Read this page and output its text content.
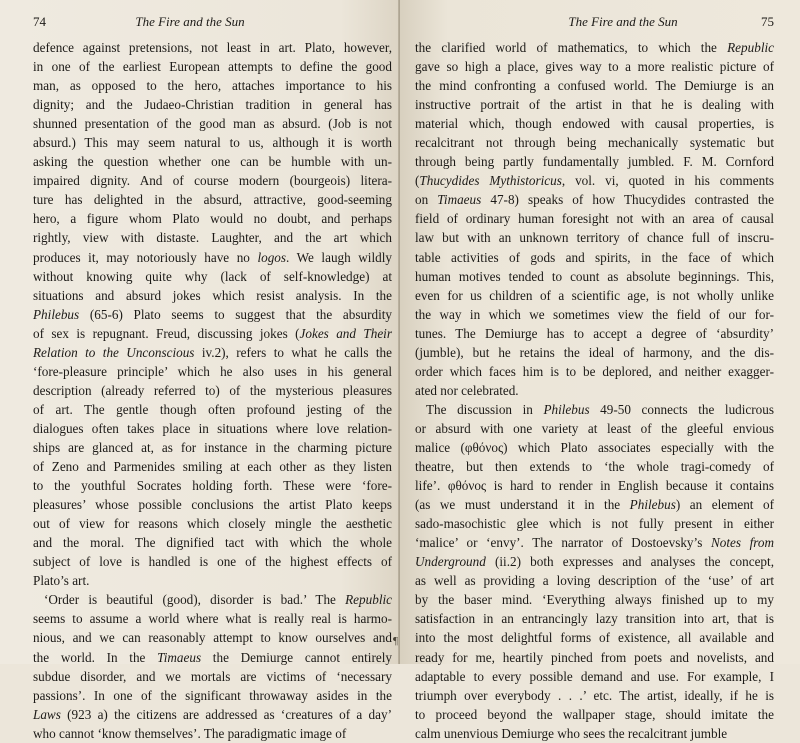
74	The Fire and the Sun
defence against pretensions, not least in art. Plato, however,
in one of the earliest European attempts to define the good
man, as opposed to the hero, attaches importance to his
dignity; and the Judaeo-Christian tradition in general has
shunned presentation of the good man as absurd. (Job is not
absurd.) This may seem natural to us, although it is worth
asking the question whether one can be humble with un-
impaired dignity. And of course modern (bourgeois) litera-
ture has delighted in the absurd, attractive, good-seeming
hero, a figure whom Plato would no doubt, and perhaps
rightly, view with distaste. Laughter, and the art which
produces it, may notoriously have no logos. We laugh wildly
without knowing quite why (lack of self-knowledge) at
situations and absurd jokes which resist analysis. In the
Philebus (65-6) Plato seems to suggest that the absurdity
of sex is repugnant. Freud, discussing jokes (Jokes and Their
Relation to the Unconscious iv.2), refers to what he calls the
‘fore-pleasure principle’ which he also uses in his general
description (already referred to) of the mysterious pleasures
of art. The gentle though often profound jesting of the
dialogues often takes place in situations where love relation-
ships are glanced at, as for instance in the charming picture
of Zeno and Parmenides smiling at each other as they listen
to the youthful Socrates holding forth. These were ‘fore-
pleasures’ whose possible conclusions the artist Plato keeps
out of view for reasons which closely mingle the aesthetic
and the moral. The dignified tact with which the whole
subject of love is handled is one of the highest effects of
Plato’s art.
‘Order is beautiful (good), disorder is bad.’ The Republic
seems to assume a world where what is really real is harmo-
nious, and we can reasonably attempt to know ourselves and
the world. In the Timaeus the Demiurge cannot entirely
subdue disorder, and we mortals are victims of ‘necessary
passions’. In one of the significant throwaway asides in the
Laws (923 a) the citizens are addressed as ‘creatures of a day’
who cannot ‘know themselves’. The paradigmatic image of
The Fire and the Sun	75
the clarified world of mathematics, to which the Republic
gave so high a place, gives way to a more realistic picture of
the mind confronting a confused world. The Demiurge is an
instructive portrait of the artist in that he is dealing with
material which, though endowed with causal properties, is
recalcitrant not through being mechanically systematic but
through being partly fundamentally jumbled. F. M. Cornford
(Thucydides Mythistoricus, vol. vi, quoted in his comments
on Timaeus 47-8) speaks of how Thucydides contrasted the
field of ordinary human foresight not with an area of causal
law but with an unknown territory of chance full of inscru-
table activities of gods and spirits, in the face of which
human motives tended to count as absolute beginnings. This,
even for us children of a scientific age, is not wholly unlike
the way in which we sometimes view the field of our for-
tunes. The Demiurge has to accept a degree of ‘absurdity’
(jumble), but he retains the ideal of harmony, and the dis-
order which faces him is to be deplored, and neither exagger-
ated nor celebrated.
The discussion in Philebus 49-50 connects the ludicrous
or absurd with one variety at least of the gleeful envious
malice (φθόνος) which Plato associates especially with the
theatre, but then extends to ‘the whole tragi-comedy of
life’. φθόνος is hard to render in English because it contains
(as we must understand it in the Philebus) an element of
sado-masochistic glee which is not fully present in either
‘malice’ or ‘envy’. The narrator of Dostoevsky’s Notes from
Underground (ii.2) both expresses and analyses the concept,
as well as providing a loving description of the ‘use’ of art
by the baser mind. ‘Everything always finished up to my
satisfaction in an entrancingly lazy transition into art, that is
into the most delightful forms of existence, all available and
ready for me, heartily pinched from poets and novelists, and
adaptable to every possible demand and use. For example, I
triumph over everybody . . .’ etc. The artist, ideally, if he is
to proceed beyond the wallpaper stage, should imitate the
calm unenvious Demiurge who sees the recalcitrant jumble
¶
